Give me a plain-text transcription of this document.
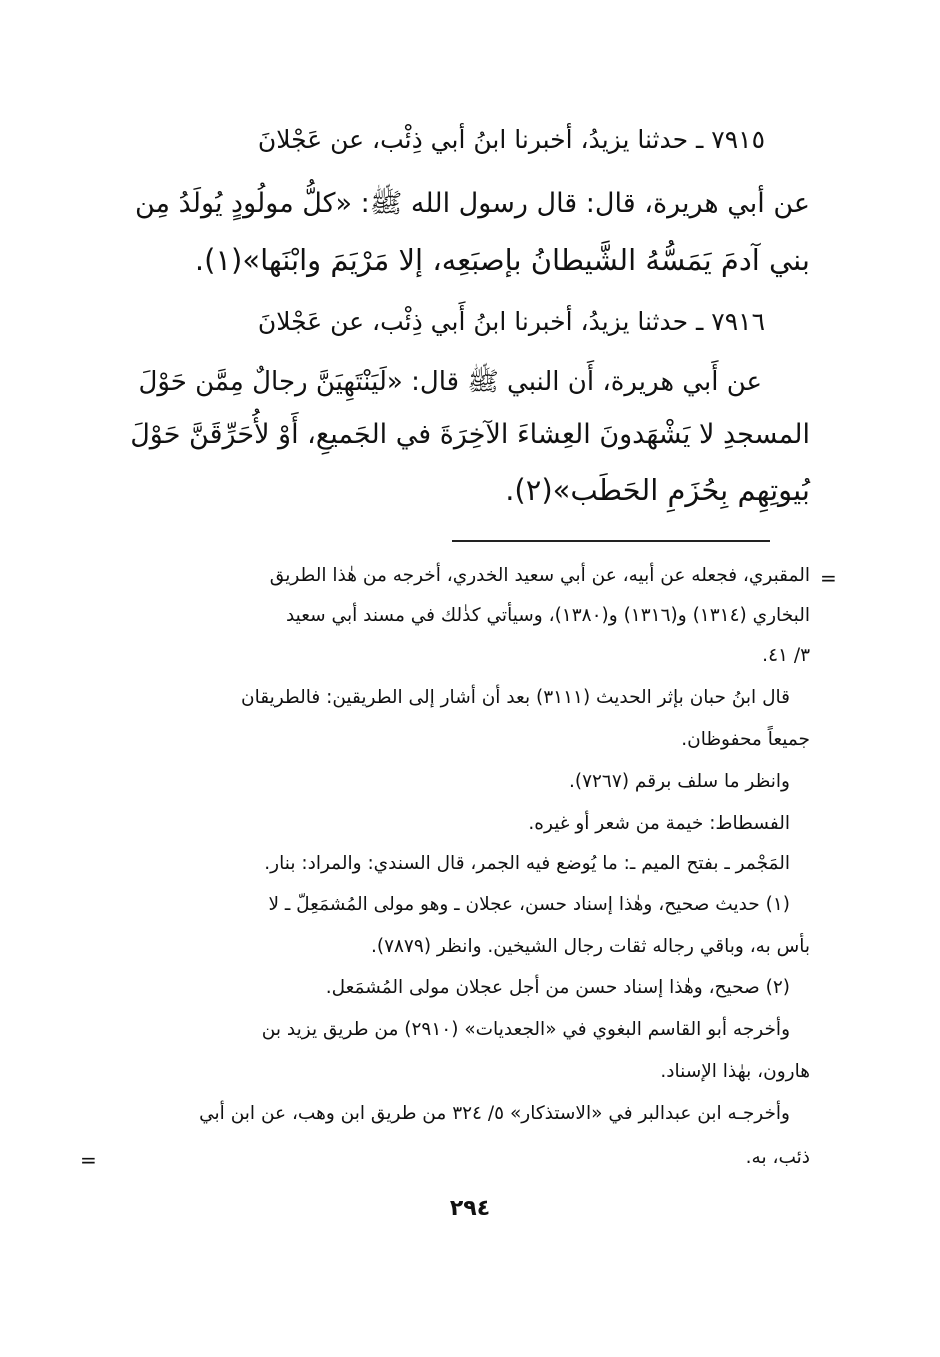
٧٩١٥ ـ حدثنا يزيدُ، أخبرنا ابنُ أبي ذِئْب، عن عَجْلانَ
عن أبي هريرة، قال: قال رسول الله ﷺ: «كلُّ مولُودٍ يُولَدُ مِن
بني آدمَ يَمَسُّهُ الشَّيطانُ بإصبَعِه، إلا مَرْيَمَ وابْنَها»(١).
٧٩١٦ ـ حدثنا يزيدُ، أخبرنا ابنُ أَبي ذِئْب، عن عَجْلانَ
عن أَبي هريرة، أَن النبي ﷺ قال: «لَيَنْتَهِيَنَّ رجالٌ مِمَّن حَوْلَ
المسجدِ لا يَشْهَدونَ العِشاءَ الآخِرَةَ في الجَميعِ، أَوْ لأُحَرِّقَنَّ حَوْلَ
بُيوتِهِم بِحُزَمِ الحَطَب»(٢).
=
المقبري، فجعله عن أبيه، عن أبي سعيد الخدري، أخرجه من هٰذا الطريق
البخاري (١٣١٤) و(١٣١٦) و(١٣٨٠)، وسيأتي كذٰلك في مسند أبي سعيد
٣/ ٤١.
قال ابنُ حبان بإثر الحديث (٣١١١) بعد أن أشار إلى الطريقين: فالطريقان
جميعاً محفوظان.
وانظر ما سلف برقم (٧٢٦٧).
الفسطاط: خيمة من شعر أو غيره.
المَجْمر ـ بفتح الميم ـ: ما يُوضع فيه الجمر، قال السندي: والمراد: بنار.
(١) حديث صحيح، وهٰذا إسناد حسن، عجلان ـ وهو مولى المُشمَعِلّ ـ لا
بأس به، وباقي رجاله ثقات رجال الشيخين. وانظر (٧٨٧٩).
(٢) صحيح، وهٰذا إسناد حسن من أجل عجلان مولى المُشمَعل.
وأخرجه أبو القاسم البغوي في «الجعديات» (٢٩١٠) من طريق يزيد بن
هارون، بهٰذا الإسناد.
وأخرجـه ابن عبدالبر في «الاستذكار» ٥/ ٣٢٤ من طريق ابن وهب، عن ابن أبي
ذئب، به.
=
٢٩٤
